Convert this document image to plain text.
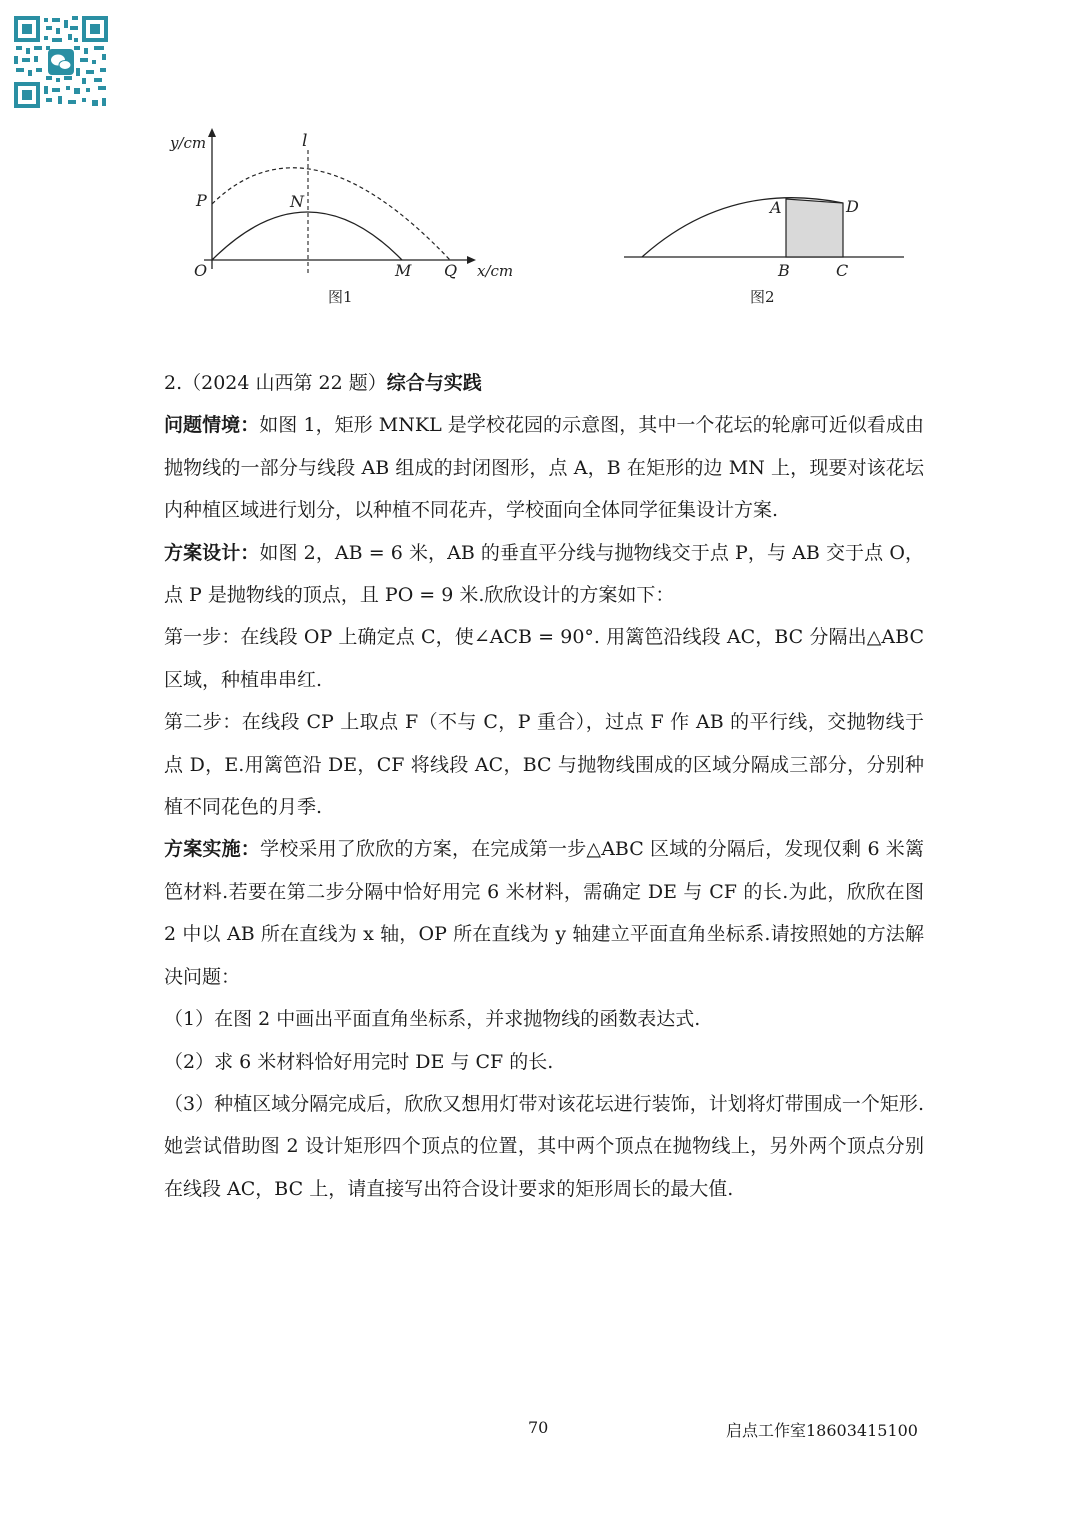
y/cm
x/cm
l
P	N
O	M Q
图1
A	D
B	C
图2

2.（2024 山西第 22 题）综合与实践

问题情境：如图 1，矩形 MNKL 是学校花园的示意图，其中一个花坛的轮廓可近似看成由抛物线的一部分与线段 AB 组成的封闭图形，点 A，B 在矩形的边 MN 上，现要对该花坛内种植区域进行划分，以种植不同花卉，学校面向全体同学征集设计方案.

方案设计：如图 2，AB = 6 米，AB 的垂直平分线与抛物线交于点 P，与 AB 交于点 O，点 P 是抛物线的顶点，且 PO = 9 米.欣欣设计的方案如下：

第一步：在线段 OP 上确定点 C，使∠ACB = 90°. 用篱笆沿线段 AC，BC 分隔出△ABC 区域，种植串串红.

第二步：在线段 CP 上取点 F（不与 C，P 重合），过点 F 作 AB 的平行线，交抛物线于点 D，E.用篱笆沿 DE，CF 将线段 AC，BC 与抛物线围成的区域分隔成三部分，分别种植不同花色的月季.

方案实施：学校采用了欣欣的方案，在完成第一步△ABC 区域的分隔后，发现仅剩 6 米篱笆材料.若要在第二步分隔中恰好用完 6 米材料，需确定 DE 与 CF 的长.为此，欣欣在图 2 中以 AB 所在直线为 x 轴，OP 所在直线为 y 轴建立平面直角坐标系.请按照她的方法解决问题：

（1）在图 2 中画出平面直角坐标系，并求抛物线的函数表达式.

（2）求 6 米材料恰好用完时 DE 与 CF 的长.

（3）种植区域分隔完成后，欣欣又想用灯带对该花坛进行装饰，计划将灯带围成一个矩形.她尝试借助图 2 设计矩形四个顶点的位置，其中两个顶点在抛物线上，另外两个顶点分别在线段 AC，BC 上，请直接写出符合设计要求的矩形周长的最大值.

70	启点工作室18603415100
